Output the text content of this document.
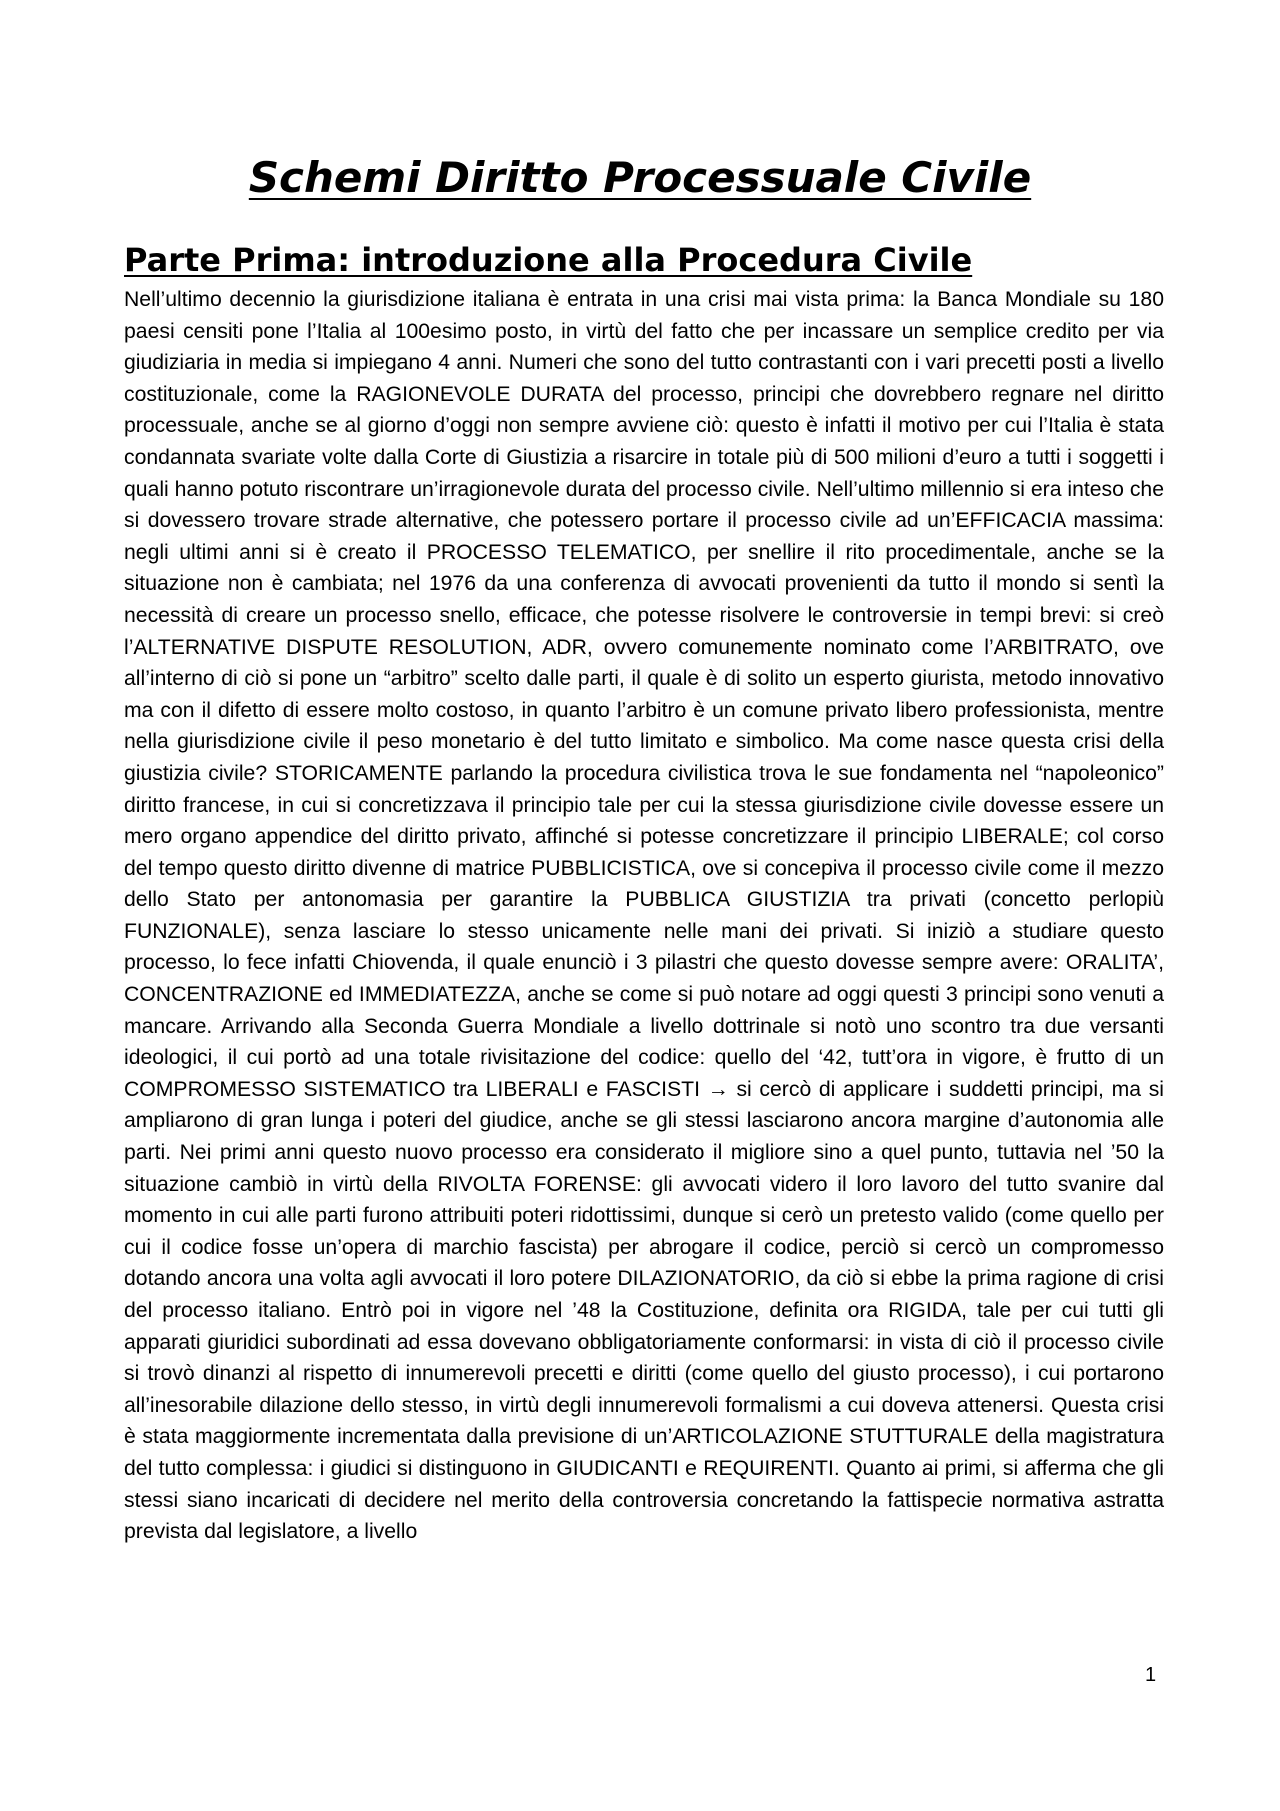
Schemi Diritto Processuale Civile
Parte Prima: introduzione alla Procedura Civile

Nell’ultimo decennio la giurisdizione italiana è entrata in una crisi mai vista prima: la Banca Mondiale su 180 paesi censiti pone l’Italia al 100esimo posto, in virtù del fatto che per incassare un semplice credito per via giudiziaria in media si impiegano 4 anni. Numeri che sono del tutto contrastanti con i vari precetti posti a livello costituzionale, come la RAGIONEVOLE DURATA del processo, principi che dovrebbero regnare nel diritto processuale, anche se al giorno d’oggi non sempre avviene ciò: questo è infatti il motivo per cui l’Italia è stata condannata svariate volte dalla Corte di Giustizia a risarcire in totale più di 500 milioni d’euro a tutti i soggetti i quali hanno potuto riscontrare un’irragionevole durata del processo civile. Nell’ultimo millennio si era inteso che si dovessero trovare strade alternative, che potessero portare il processo civile ad un’EFFICACIA massima: negli ultimi anni si è creato il PROCESSO TELEMATICO, per snellire il rito procedimentale, anche se la situazione non è cambiata; nel 1976 da una conferenza di avvocati provenienti da tutto il mondo si sentì la necessità di creare un processo snello, efficace, che potesse risolvere le controversie in tempi brevi: si creò l’ALTERNATIVE DISPUTE RESOLUTION, ADR, ovvero comunemente nominato come l’ARBITRATO, ove all’interno di ciò si pone un “arbitro” scelto dalle parti, il quale è di solito un esperto giurista, metodo innovativo ma con il difetto di essere molto costoso, in quanto l’arbitro è un comune privato libero professionista, mentre nella giurisdizione civile il peso monetario è del tutto limitato e simbolico. Ma come nasce questa crisi della giustizia civile? STORICAMENTE parlando la procedura civilistica trova le sue fondamenta nel “napoleonico” diritto francese, in cui si concretizzava il principio tale per cui la stessa giurisdizione civile dovesse essere un mero organo appendice del diritto privato, affinché si potesse concretizzare il principio LIBERALE; col corso del tempo questo diritto divenne di matrice PUBBLICISTICA, ove si concepiva il processo civile come il mezzo dello Stato per antonomasia per garantire la PUBBLICA GIUSTIZIA tra privati (concetto perlopiù FUNZIONALE), senza lasciare lo stesso unicamente nelle mani dei privati. Si iniziò a studiare questo processo, lo fece infatti Chiovenda, il quale enunciò i 3 pilastri che questo dovesse sempre avere: ORALITA’, CONCENTRAZIONE ed IMMEDIATEZZA, anche se come si può notare ad oggi questi 3 principi sono venuti a mancare. Arrivando alla Seconda Guerra Mondiale a livello dottrinale si notò uno scontro tra due versanti ideologici, il cui portò ad una totale rivisitazione del codice: quello del ‘42, tutt’ora in vigore, è frutto di un COMPROMESSO SISTEMATICO tra LIBERALI e FASCISTI → si cercò di applicare i suddetti principi, ma si ampliarono di gran lunga i poteri del giudice, anche se gli stessi lasciarono ancora margine d’autonomia alle parti. Nei primi anni questo nuovo processo era considerato il migliore sino a quel punto, tuttavia nel ’50 la situazione cambiò in virtù della RIVOLTA FORENSE: gli avvocati videro il loro lavoro del tutto svanire dal momento in cui alle parti furono attribuiti poteri ridottissimi, dunque si cerò un pretesto valido (come quello per cui il codice fosse un’opera di marchio fascista) per abrogare il codice, perciò si cercò un compromesso dotando ancora una volta agli avvocati il loro potere DILAZIONATORIO, da ciò si ebbe la prima ragione di crisi del processo italiano. Entrò poi in vigore nel ’48 la Costituzione, definita ora RIGIDA, tale per cui tutti gli apparati giuridici subordinati ad essa dovevano obbligatoriamente conformarsi: in vista di ciò il processo civile si trovò dinanzi al rispetto di innumerevoli precetti e diritti (come quello del giusto processo), i cui portarono all’inesorabile dilazione dello stesso, in virtù degli innumerevoli formalismi a cui doveva attenersi. Questa crisi è stata maggiormente incrementata dalla previsione di un’ARTICOLAZIONE STUTTURALE della magistratura del tutto complessa: i giudici si distinguono in GIUDICANTI e REQUIRENTI. Quanto ai primi, si afferma che gli stessi siano incaricati di decidere nel merito della controversia concretando la fattispecie normativa astratta prevista dal legislatore, a livello

1
